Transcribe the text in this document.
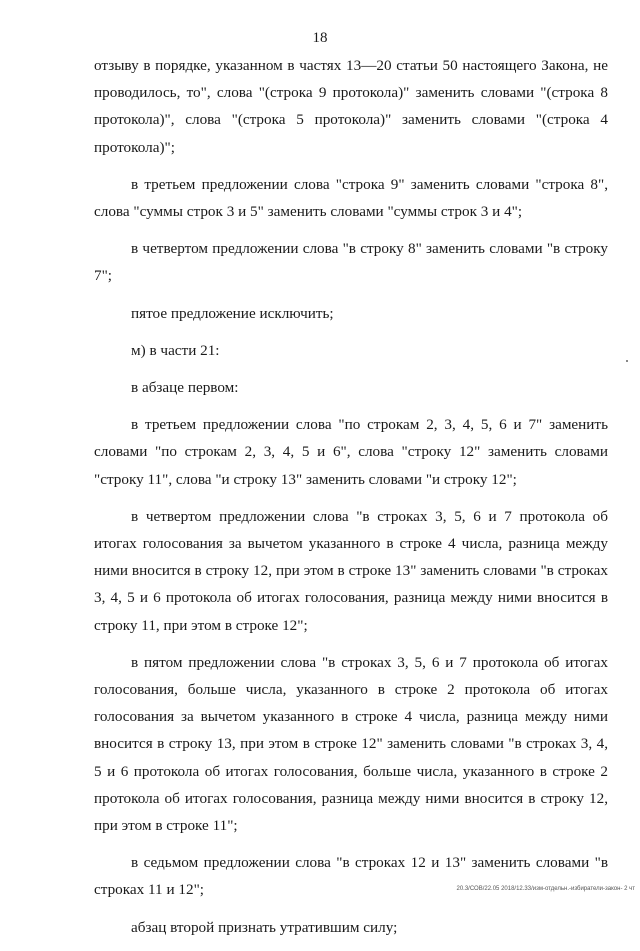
18

отзыву в порядке, указанном в частях 13—20 статьи 50 настоящего Закона, не проводилось, то", слова "(строка 9 протокола)" заменить словами "(строка 8 протокола)", слова "(строка 5 протокола)" заменить словами "(строка 4 протокола)";

в третьем предложении слова "строка 9" заменить словами "строка 8", слова "суммы строк 3 и 5" заменить словами "суммы строк 3 и 4";

в четвертом предложении слова "в строку 8" заменить словами "в строку 7";

пятое предложение исключить;

м) в части 21:

в абзаце первом:

в третьем предложении слова "по строкам 2, 3, 4, 5, 6 и 7" заменить словами "по строкам 2, 3, 4, 5 и 6", слова "строку 12" заменить словами "строку 11", слова "и строку 13" заменить словами "и строку 12";

в четвертом предложении слова "в строках 3, 5, 6 и 7 протокола об итогах голосования за вычетом указанного в строке 4 числа, разница между ними вносится в строку 12, при этом в строке 13" заменить словами "в строках 3, 4, 5 и 6 протокола об итогах голосования, разница между ними вносится в строку 11, при этом в строке 12";

в пятом предложении слова "в строках 3, 5, 6 и 7 протокола об итогах голосования, больше числа, указанного в строке 2 протокола об итогах голосования за вычетом указанного в строке 4 числа, разница между ними вносится в строку 13, при этом в строке 12" заменить словами "в строках 3, 4, 5 и 6 протокола об итогах голосования, больше числа, указанного в строке 2 протокола об итогах голосования, разница между ними вносится в строку 12, при этом в строке 11";

в седьмом предложении слова "в строках 12 и 13" заменить словами "в строках 11 и 12";

абзац второй признать утратившим силу;

20.3/СОВ/22.05 2018/12.33/изм-отдельн.-избиратели-закон- 2 чт
